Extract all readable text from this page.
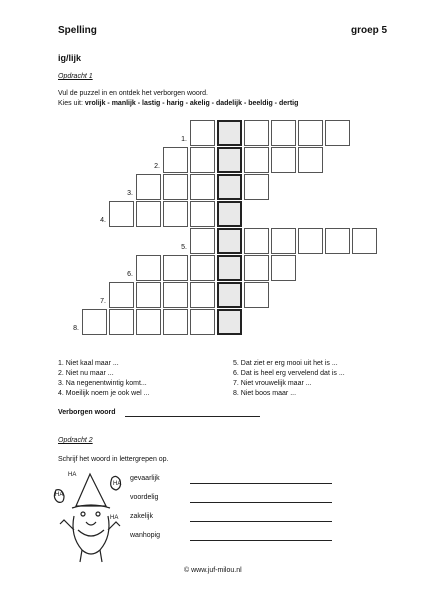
Spelling	groep 5
ig/lijk
Opdracht 1
Vul de puzzel in en ontdek het verborgen woord.
Kies uit: vrolijk - manlijk - lastig - harig - akelig - dadelijk - beeldig - dertig
1.
2.
3.
4.
5.
6.
7.
8.
1. Niet kaal maar ...
2. Niet nu maar ...
3. Na negenentwintig komt...
4. Moeilijk noem je ook wel ...
5. Dat ziet er erg mooi uit het is ...
6. Dat is heel erg vervelend dat is ...
7. Niet vrouwelijk maar ...
8. Niet boos maar ...
Verborgen woord
Opdracht 2
Schrijf het woord in lettergrepen op.
HA
HA
HA
HA	gevaarlijk
voordelig
zakelijk
wanhopig
© www.juf-milou.nl
